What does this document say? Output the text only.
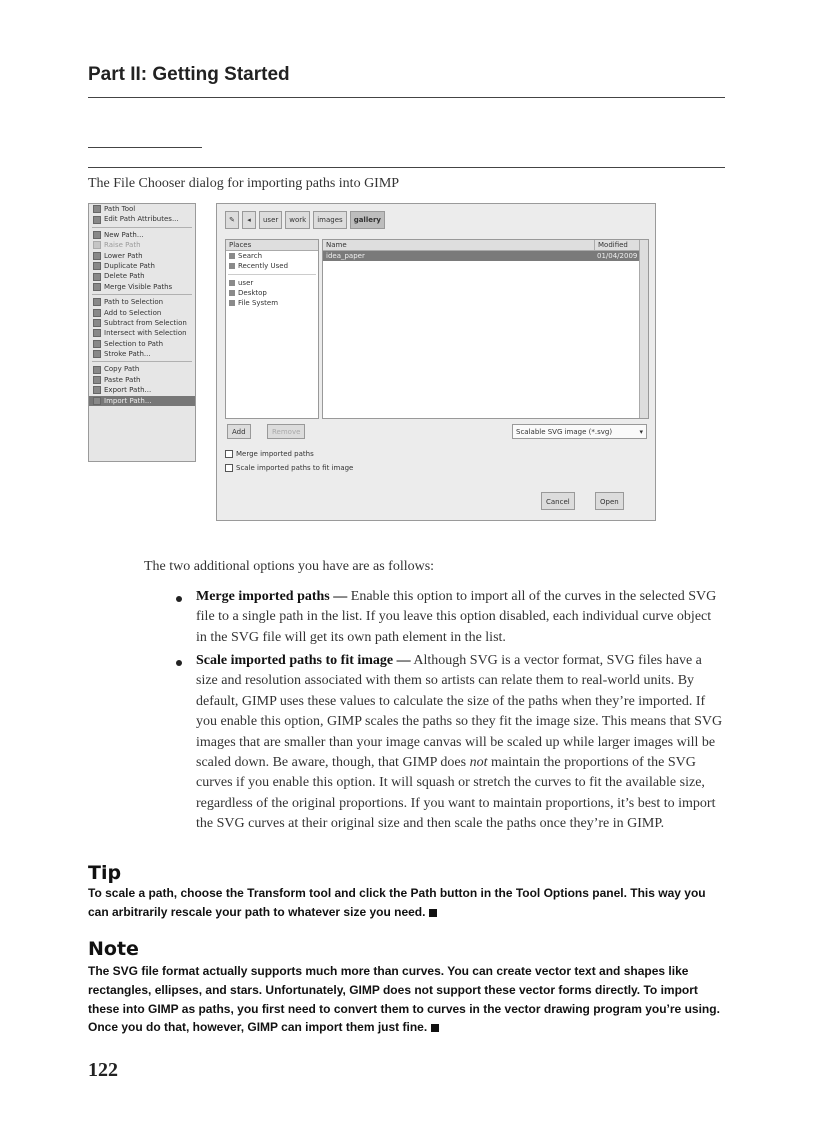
Part II: Getting Started
The File Chooser dialog for importing paths into GIMP
Path Tool
Edit Path Attributes...
New Path...
Raise Path
Lower Path
Duplicate Path
Delete Path
Merge Visible Paths
Path to Selection
Add to Selection
Subtract from Selection
Intersect with Selection
Selection to Path
Stroke Path...
Copy Path
Paste Path
Export Path...
Import Path...
✎	◂	user	work	images	gallery
Places
Search
Recently Used
user
Desktop
File System
Name	Modified
idea_paper	01/04/2009
Add	Remove	Scalable SVG image (*.svg)	▾
Merge imported paths
Scale imported paths to fit image
Cancel	Open
The two additional options you have are as follows:
Merge imported paths — Enable this option to import all of the curves in the selected SVG file to a single path in the list. If you leave this option disabled, each individual curve object in the SVG file will get its own path element in the list.
Scale imported paths to fit image — Although SVG is a vector format, SVG files have a size and resolution associated with them so artists can relate them to real-world units. By default, GIMP uses these values to calculate the size of the paths when they’re imported. If you enable this option, GIMP scales the paths so they fit the image size. This means that SVG images that are smaller than your image canvas will be scaled up while larger images will be scaled down. Be aware, though, that GIMP does not maintain the proportions of the SVG curves if you enable this option. It will squash or stretch the curves to fit the available size, regardless of the original proportions. If you want to maintain proportions, it’s best to import the SVG curves at their original size and then scale the paths once they’re in GIMP.
Tip
To scale a path, choose the Transform tool and click the Path button in the Tool Options panel. This way you can arbitrarily rescale your path to whatever size you need.
Note
The SVG file format actually supports much more than curves. You can create vector text and shapes like rectangles, ellipses, and stars. Unfortunately, GIMP does not support these vector forms directly. To import these into GIMP as paths, you first need to convert them to curves in the vector drawing program you’re using. Once you do that, however, GIMP can import them just fine.
122
